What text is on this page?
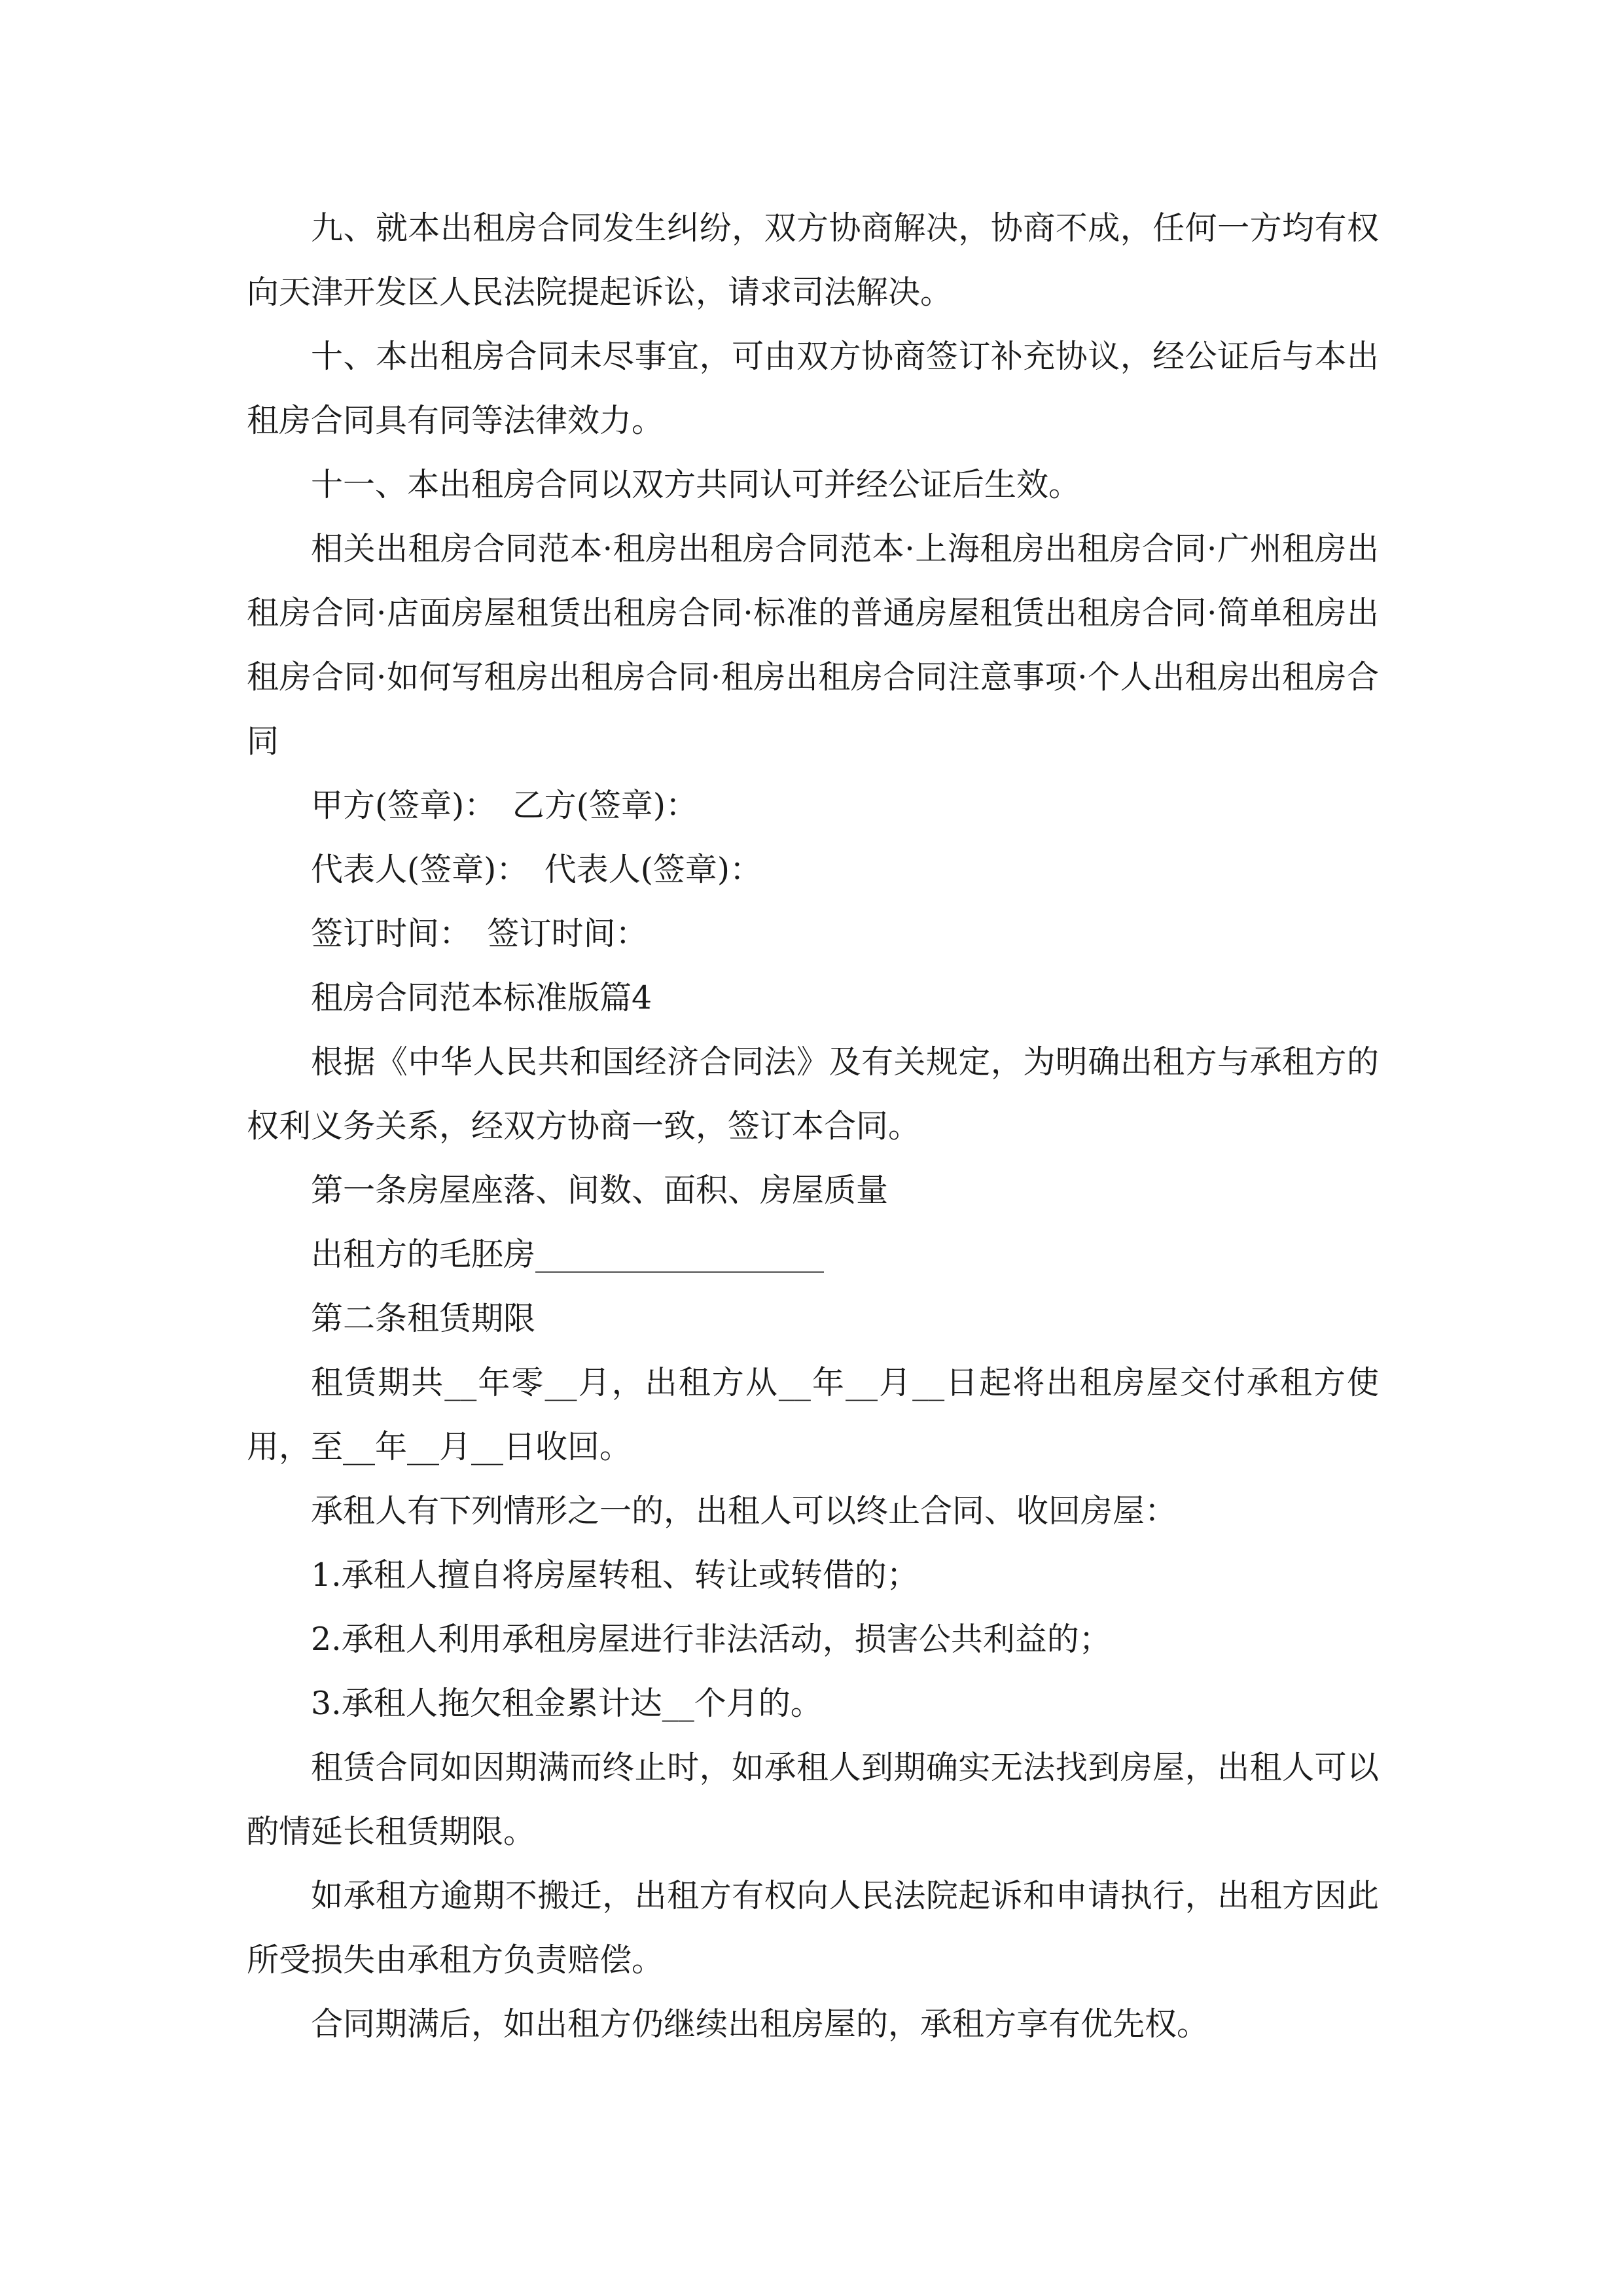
九、就本出租房合同发生纠纷，双方协商解决，协商不成，任何一方均有权向天津开发区人民法院提起诉讼，请求司法解决。

十、本出租房合同未尽事宜，可由双方协商签订补充协议，经公证后与本出租房合同具有同等法律效力。

十一、本出租房合同以双方共同认可并经公证后生效。

相关出租房合同范本·租房出租房合同范本·上海租房出租房合同·广州租房出租房合同·店面房屋租赁出租房合同·标准的普通房屋租赁出租房合同·简单租房出租房合同·如何写租房出租房合同·租房出租房合同注意事项·个人出租房出租房合同

甲方(签章)：　乙方(签章)：

代表人(签章)：　代表人(签章)：

签订时间：　签订时间：

租房合同范本标准版篇4

根据《中华人民共和国经济合同法》及有关规定，为明确出租方与承租方的权利义务关系，经双方协商一致，签订本合同。

第一条房屋座落、间数、面积、房屋质量

出租方的毛胚房__________________

第二条租赁期限

租赁期共__年零__月，出租方从__年__月__日起将出租房屋交付承租方使用，至__年__月__日收回。

承租人有下列情形之一的，出租人可以终止合同、收回房屋：

1.承租人擅自将房屋转租、转让或转借的；

2.承租人利用承租房屋进行非法活动，损害公共利益的；

3.承租人拖欠租金累计达__个月的。

租赁合同如因期满而终止时，如承租人到期确实无法找到房屋，出租人可以酌情延长租赁期限。

如承租方逾期不搬迁，出租方有权向人民法院起诉和申请执行，出租方因此所受损失由承租方负责赔偿。

合同期满后，如出租方仍继续出租房屋的，承租方享有优先权。
